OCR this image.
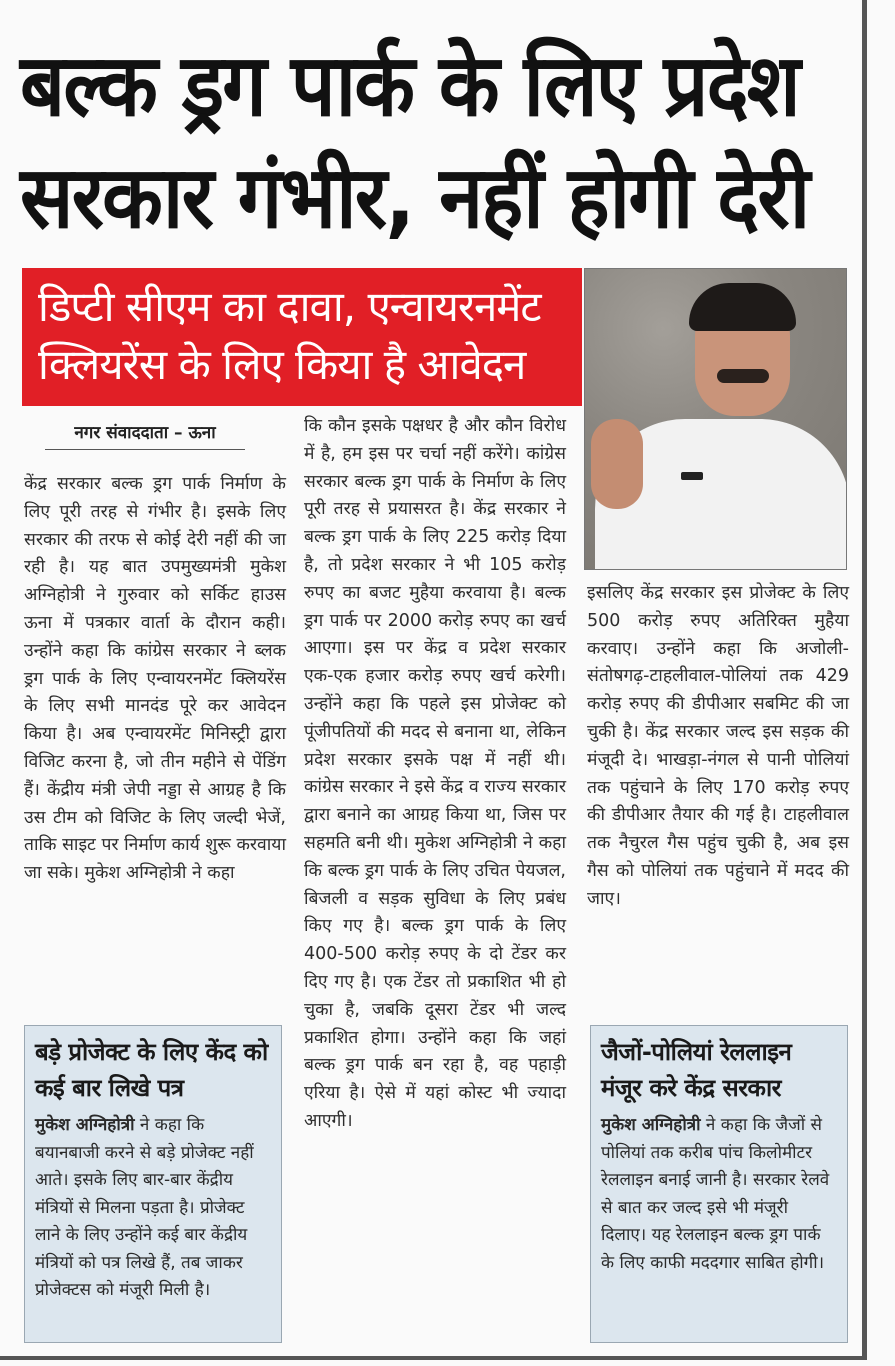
बल्क ड्रग पार्क के लिए प्रदेश
सरकार गंभीर, नहीं होगी देरी
डिप्टी सीएम का दावा, एन्वायरनमेंट
क्लियरेंस के लिए किया है आवेदन
नगर संवाददाता – ऊना

केंद्र सरकार बल्क ड्रग पार्क निर्माण के लिए पूरी तरह से गंभीर है। इसके लिए सरकार की तरफ से कोई देरी नहीं की जा रही है। यह बात उपमुख्यमंत्री मुकेश अग्निहोत्री ने गुरुवार को सर्किट हाउस ऊना में पत्रकार वार्ता के दौरान कही। उन्होंने कहा कि कांग्रेस सरकार ने ब्लक ड्रग पार्क के लिए एन्वायरनमेंट क्लियरेंस के लिए सभी मानदंड पूरे कर आवेदन किया है। अब एन्वायरमेंट मिनिस्ट्री द्वारा विजिट करना है, जो तीन महीने से पेंडिंग हैं। केंद्रीय मंत्री जेपी नड्डा से आग्रह है कि उस टीम को विजिट के लिए जल्दी भेजें, ताकि साइट पर निर्माण कार्य शुरू करवाया जा सके। मुकेश अग्निहोत्री ने कहा

कि कौन इसके पक्षधर है और कौन विरोध में है, हम इस पर चर्चा नहीं करेंगे। कांग्रेस सरकार बल्क ड्रग पार्क के निर्माण के लिए पूरी तरह से प्रयासरत है। केंद्र सरकार ने बल्क ड्रग पार्क के लिए 225 करोड़ दिया है, तो प्रदेश सरकार ने भी 105 करोड़ रुपए का बजट मुहैया करवाया है। बल्क ड्रग पार्क पर 2000 करोड़ रुपए का खर्च आएगा। इस पर केंद्र व प्रदेश सरकार एक-एक हजार करोड़ रुपए खर्च करेगी। उन्होंने कहा कि पहले इस प्रोजेक्ट को पूंजीपतियों की मदद से बनाना था, लेकिन प्रदेश सरकार इसके पक्ष में नहीं थी। कांग्रेस सरकार ने इसे केंद्र व राज्य सरकार द्वारा बनाने का आग्रह किया था, जिस पर सहमति बनी थी। मुकेश अग्निहोत्री ने कहा कि बल्क ड्रग पार्क के लिए उचित पेयजल, बिजली व सड़क सुविधा के लिए प्रबंध किए गए है। बल्क ड्रग पार्क के लिए 400-500 करोड़ रुपए के दो टेंडर कर दिए गए है। एक टेंडर तो प्रकाशित भी हो चुका है, जबकि दूसरा टेंडर भी जल्द प्रकाशित होगा। उन्होंने कहा कि जहां बल्क ड्रग पार्क बन रहा है, वह पहाड़ी एरिया है। ऐसे में यहां कोस्ट भी ज्यादा आएगी।

इसलिए केंद्र सरकार इस प्रोजेक्ट के लिए 500 करोड़ रुपए अतिरिक्त मुहैया करवाए। उन्होंने कहा कि अजोली-संतोषगढ़-टाहलीवाल-पोलियां तक 429 करोड़ रुपए की डीपीआर सबमिट की जा चुकी है। केंद्र सरकार जल्द इस सड़क की मंजूदी दे। भाखड़ा-नंगल से पानी पोलियां तक पहुंचाने के लिए 170 करोड़ रुपए की डीपीआर तैयार की गई है। टाहलीवाल तक नैचुरल गैस पहुंच चुकी है, अब इस गैस को पोलियां तक पहुंचाने में मदद की जाए।

बड़े प्रोजेक्ट के लिए केंद को कई बार लिखे पत्र

मुकेश अग्निहोत्री ने कहा कि बयानबाजी करने से बड़े प्रोजेक्ट नहीं आते। इसके लिए बार-बार केंद्रीय मंत्रियों से मिलना पड़ता है। प्रोजेक्ट लाने के लिए उन्होंने कई बार केंद्रीय मंत्रियों को पत्र लिखे हैं, तब जाकर प्रोजेक्टस को मंजूरी मिली है।

जैजों-पोलियां रेललाइन मंजूर करे केंद्र सरकार

मुकेश अग्निहोत्री ने कहा कि जैजों से पोलियां तक करीब पांच किलोमीटर रेललाइन बनाई जानी है। सरकार रेलवे से बात कर जल्द इसे भी मंजूरी दिलाए। यह रेललाइन बल्क ड्रग पार्क के लिए काफी मददगार साबित होगी।
